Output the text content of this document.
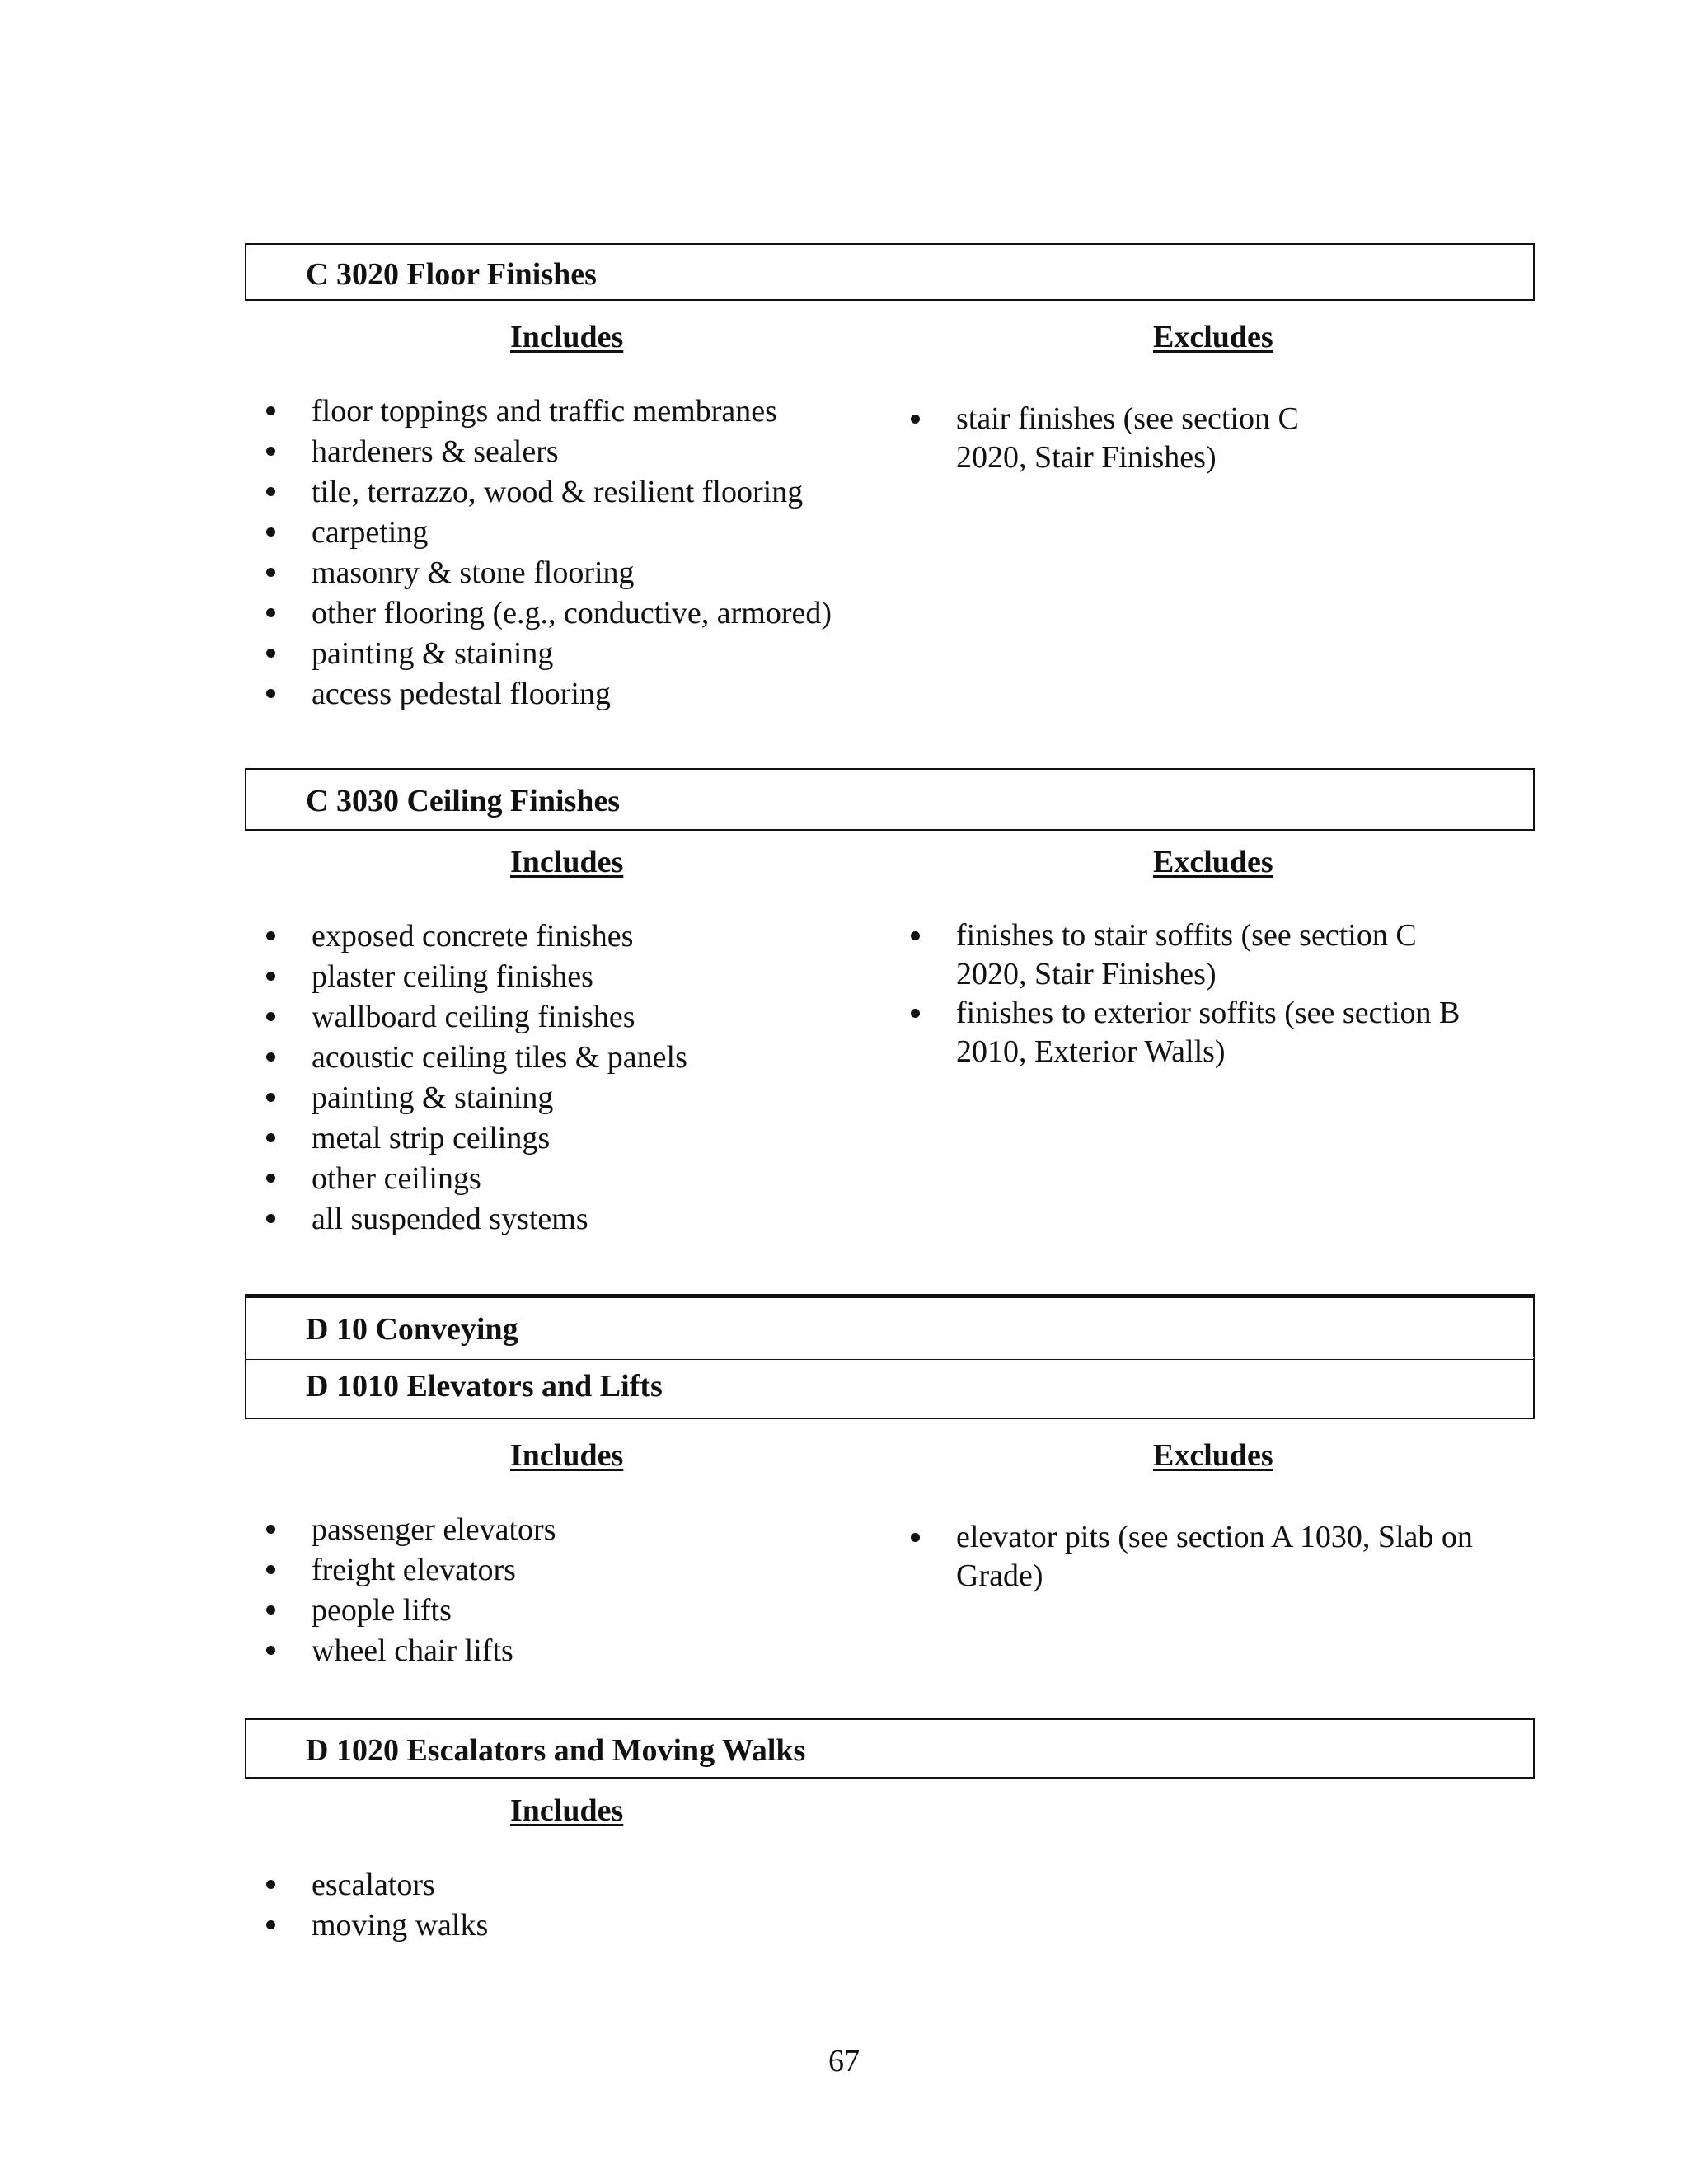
C 3020 Floor Finishes
Includes	Excludes
floor toppings and traffic membranes
hardeners & sealers
tile, terrazzo, wood & resilient flooring
carpeting
masonry & stone flooring
other flooring (e.g., conductive, armored)
painting & staining
access pedestal flooring
stair finishes (see section C 2020, Stair Finishes)
C 3030 Ceiling Finishes
Includes	Excludes
exposed concrete finishes
plaster ceiling finishes
wallboard ceiling finishes
acoustic ceiling tiles & panels
painting & staining
metal strip ceilings
other ceilings
all suspended systems
finishes to stair soffits (see section C 2020, Stair Finishes)
finishes to exterior soffits (see section B 2010, Exterior Walls)
D 10 Conveying
D 1010 Elevators and Lifts
Includes	Excludes
passenger elevators
freight elevators
people lifts
wheel chair lifts
elevator pits (see section A 1030, Slab on Grade)
D 1020 Escalators and Moving Walks
Includes
escalators
moving walks
67
